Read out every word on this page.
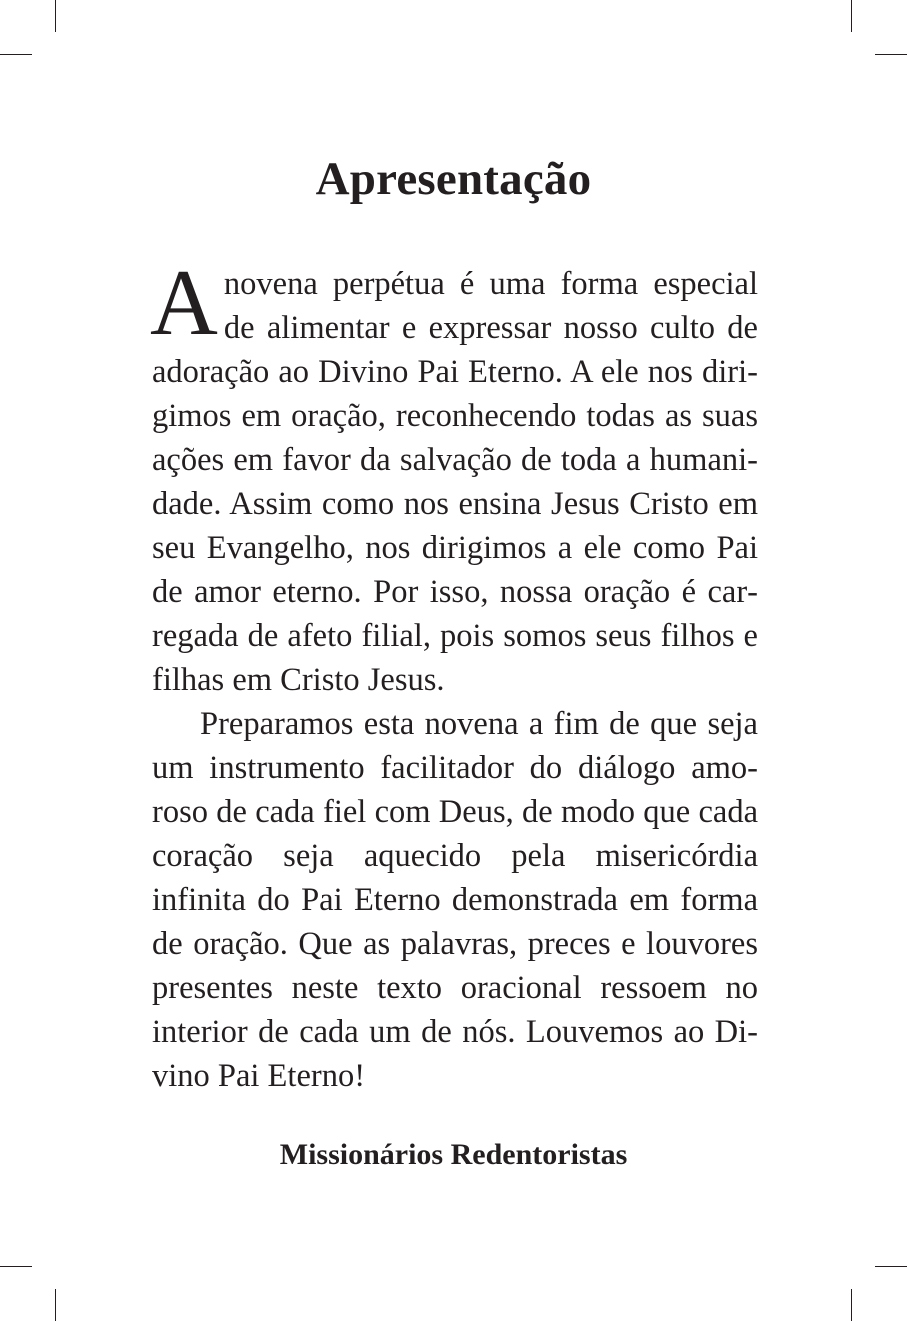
Apresentação

Anovena perpétua é uma forma especial de alimentar e expressar nosso culto de adoração ao Divino Pai Eterno. A ele nos dirigimos em oração, reconhecendo todas as suas ações em favor da salvação de toda a humanidade. Assim como nos ensina Jesus Cristo em seu Evangelho, nos dirigimos a ele como Pai de amor eterno. Por isso, nossa oração é carregada de afeto filial, pois somos seus filhos e filhas em Cristo Jesus.

Preparamos esta novena a fim de que seja um instrumento facilitador do diálogo amoroso de cada fiel com Deus, de modo que cada coração seja aquecido pela misericórdia infinita do Pai Eterno demonstrada em forma de oração. Que as palavras, preces e louvores presentes neste texto oracional ressoem no interior de cada um de nós. Louvemos ao Divino Pai Eterno!

Missionários Redentoristas
